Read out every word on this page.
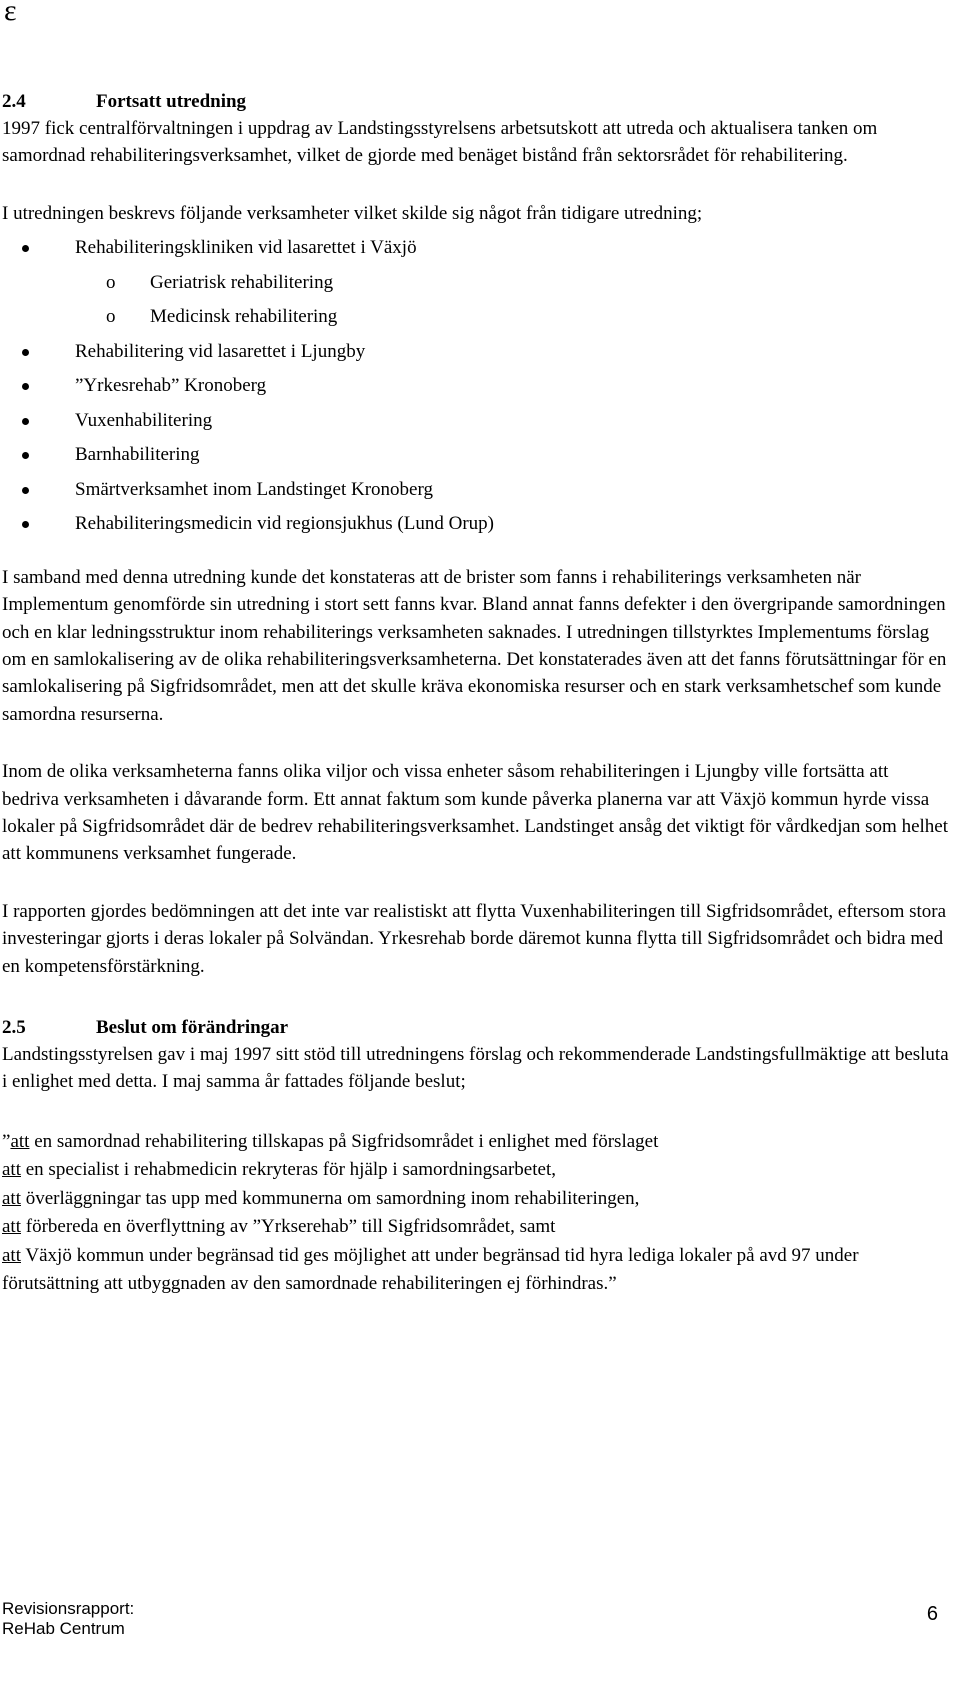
ε
2.4	Fortsatt utredning

1997 fick centralförvaltningen i uppdrag av Landstingsstyrelsens arbetsutskott att utreda och aktualisera tanken om samordnad rehabiliteringsverksamhet, vilket de gjorde med benäget bistånd från sektorsrådet för rehabilitering.

I utredningen beskrevs följande verksamheter vilket skilde sig något från tidigare utredning;

Rehabiliteringskliniken vid lasarettet i Växjö
o Geriatrisk rehabilitering
o Medicinsk rehabilitering
Rehabilitering vid lasarettet i Ljungby
”Yrkesrehab” Kronoberg
Vuxenhabilitering
Barnhabilitering
Smärtverksamhet inom Landstinget Kronoberg
Rehabiliteringsmedicin vid regionsjukhus (Lund Orup)

I samband med denna utredning kunde det konstateras att de brister som fanns i rehabiliterings verksamheten när Implementum genomförde sin utredning i stort sett fanns kvar. Bland annat fanns defekter i den övergripande samordningen och en klar ledningsstruktur inom rehabiliterings verksamheten saknades. I utredningen tillstyrktes Implementums förslag om en samlokalisering av de olika rehabiliteringsverksamheterna. Det konstaterades även att det fanns förutsättningar för en samlokalisering på Sigfridsområdet, men att det skulle kräva ekonomiska resurser och en stark verksamhetschef som kunde samordna resurserna.

Inom de olika verksamheterna fanns olika viljor och vissa enheter såsom rehabiliteringen i Ljungby ville fortsätta att bedriva verksamheten i dåvarande form. Ett annat faktum som kunde påverka planerna var att Växjö kommun hyrde vissa lokaler på Sigfridsområdet där de bedrev rehabiliteringsverksamhet. Landstinget ansåg det viktigt för vårdkedjan som helhet att kommunens verksamhet fungerade.

I rapporten gjordes bedömningen att det inte var realistiskt att flytta Vuxenhabiliteringen till Sigfridsområdet, eftersom stora investeringar gjorts i deras lokaler på Solvändan. Yrkesrehab borde däremot kunna flytta till Sigfridsområdet och bidra med en kompetensförstärkning.

2.5	Beslut om förändringar

Landstingsstyrelsen gav i maj 1997 sitt stöd till utredningens förslag och rekommenderade Landstingsfullmäktige att besluta i enlighet med detta. I maj samma år fattades följande beslut;

”att en samordnad rehabilitering tillskapas på Sigfridsområdet i enlighet med förslaget

att en specialist i rehabmedicin rekryteras för hjälp i samordningsarbetet,

att överläggningar tas upp med kommunerna om samordning inom rehabiliteringen,

att förbereda en överflyttning av ”Yrkserehab” till Sigfridsområdet, samt

att Växjö kommun under begränsad tid ges möjlighet att under begränsad tid hyra lediga lokaler på avd 97 under förutsättning att utbyggnaden av den samordnade rehabiliteringen ej förhindras.”

Revisionsrapport:
ReHab Centrum
6
